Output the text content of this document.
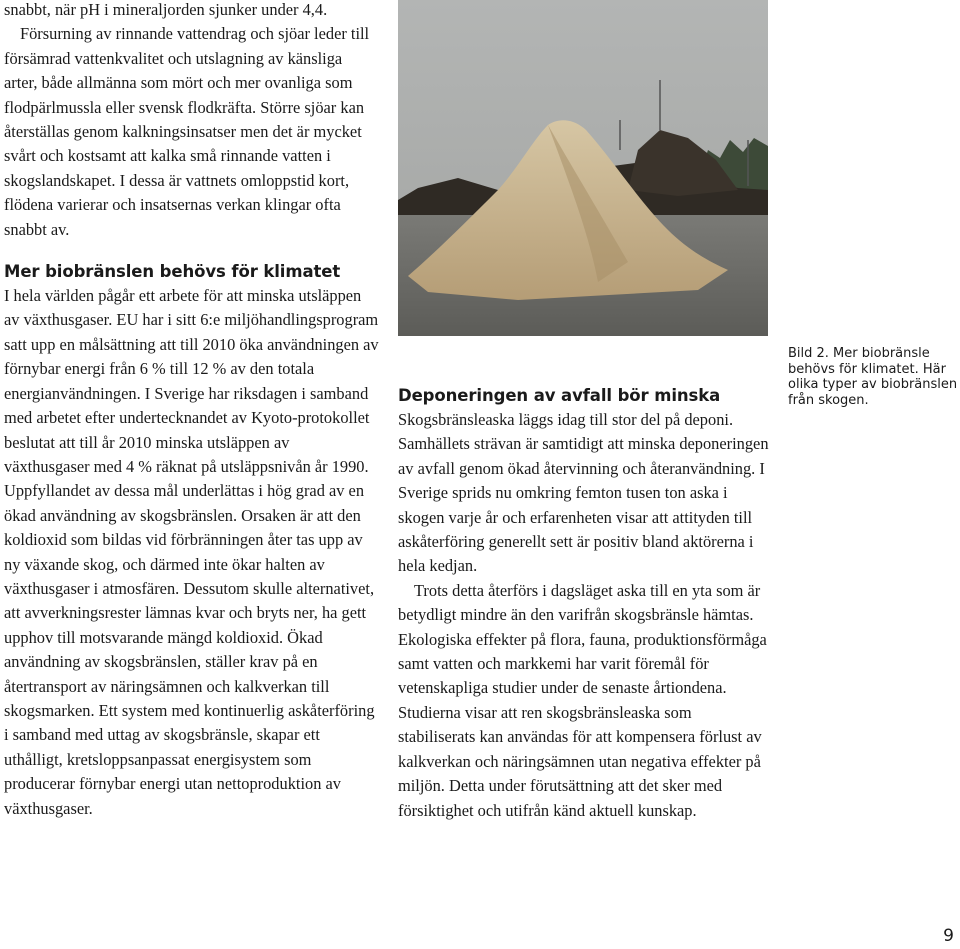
snabbt, när pH i mineraljorden sjunker under 4,4.

Försurning av rinnande vattendrag och sjöar leder till försämrad vattenkvalitet och utslagning av känsliga arter, både allmänna som mört och mer ovanliga som flodpärlmussla eller svensk flodkräfta. Större sjöar kan återställas genom kalkningsinsatser men det är mycket svårt och kostsamt att kalka små rinnande vatten i skogslandskapet. I dessa är vattnets omloppstid kort, flödena varierar och insatsernas verkan klingar ofta snabbt av.

Mer biobränslen behövs för klimatet

I hela världen pågår ett arbete för att minska utsläppen av växthusgaser. EU har i sitt 6:e miljöhandlingsprogram satt upp en målsättning att till 2010 öka användningen av förnybar energi från 6 % till 12 % av den totala energianvändningen. I Sverige har riksdagen i samband med arbetet efter undertecknandet av Kyoto-protokollet beslutat att till år 2010 minska utsläppen av växthusgaser med 4 % räknat på utsläppsnivån år 1990. Uppfyllandet av dessa mål underlättas i hög grad av en ökad användning av skogsbränslen. Orsaken är att den koldioxid som bildas vid förbränningen åter tas upp av ny växande skog, och därmed inte ökar halten av växthusgaser i atmosfären. Dessutom skulle alternativet, att avverkningsrester lämnas kvar och bryts ner, ha gett upphov till motsvarande mängd koldioxid. Ökad användning av skogsbränslen, ställer krav på en återtransport av näringsämnen och kalkverkan till skogsmarken. Ett system med kontinuerlig askåterföring i samband med uttag av skogsbränsle, skapar ett uthålligt, kretsloppsanpassat energisystem som producerar förnybar energi utan nettoproduktion av växthusgaser.

Bild 2. Mer biobränsle behövs för klimatet. Här olika typer av biobränslen från skogen.
Deponeringen av avfall bör minska

Skogsbränsleaska läggs idag till stor del på deponi. Samhällets strävan är samtidigt att minska deponeringen av avfall genom ökad återvinning och återanvändning. I Sverige sprids nu omkring femton tusen ton aska i skogen varje år och erfarenheten visar att attityden till askåterföring generellt sett är positiv bland aktörerna i hela kedjan.

Trots detta återförs i dagsläget aska till en yta som är betydligt mindre än den varifrån skogsbränsle hämtas. Ekologiska effekter på flora, fauna, produktionsförmåga samt vatten och markkemi har varit föremål för vetenskapliga studier under de senaste årtiondena. Studierna visar att ren skogsbränsleaska som stabiliserats kan användas för att kompensera förlust av kalkverkan och näringsämnen utan negativa effekter på miljön. Detta under förutsättning att det sker med försiktighet och utifrån känd aktuell kunskap.

9
